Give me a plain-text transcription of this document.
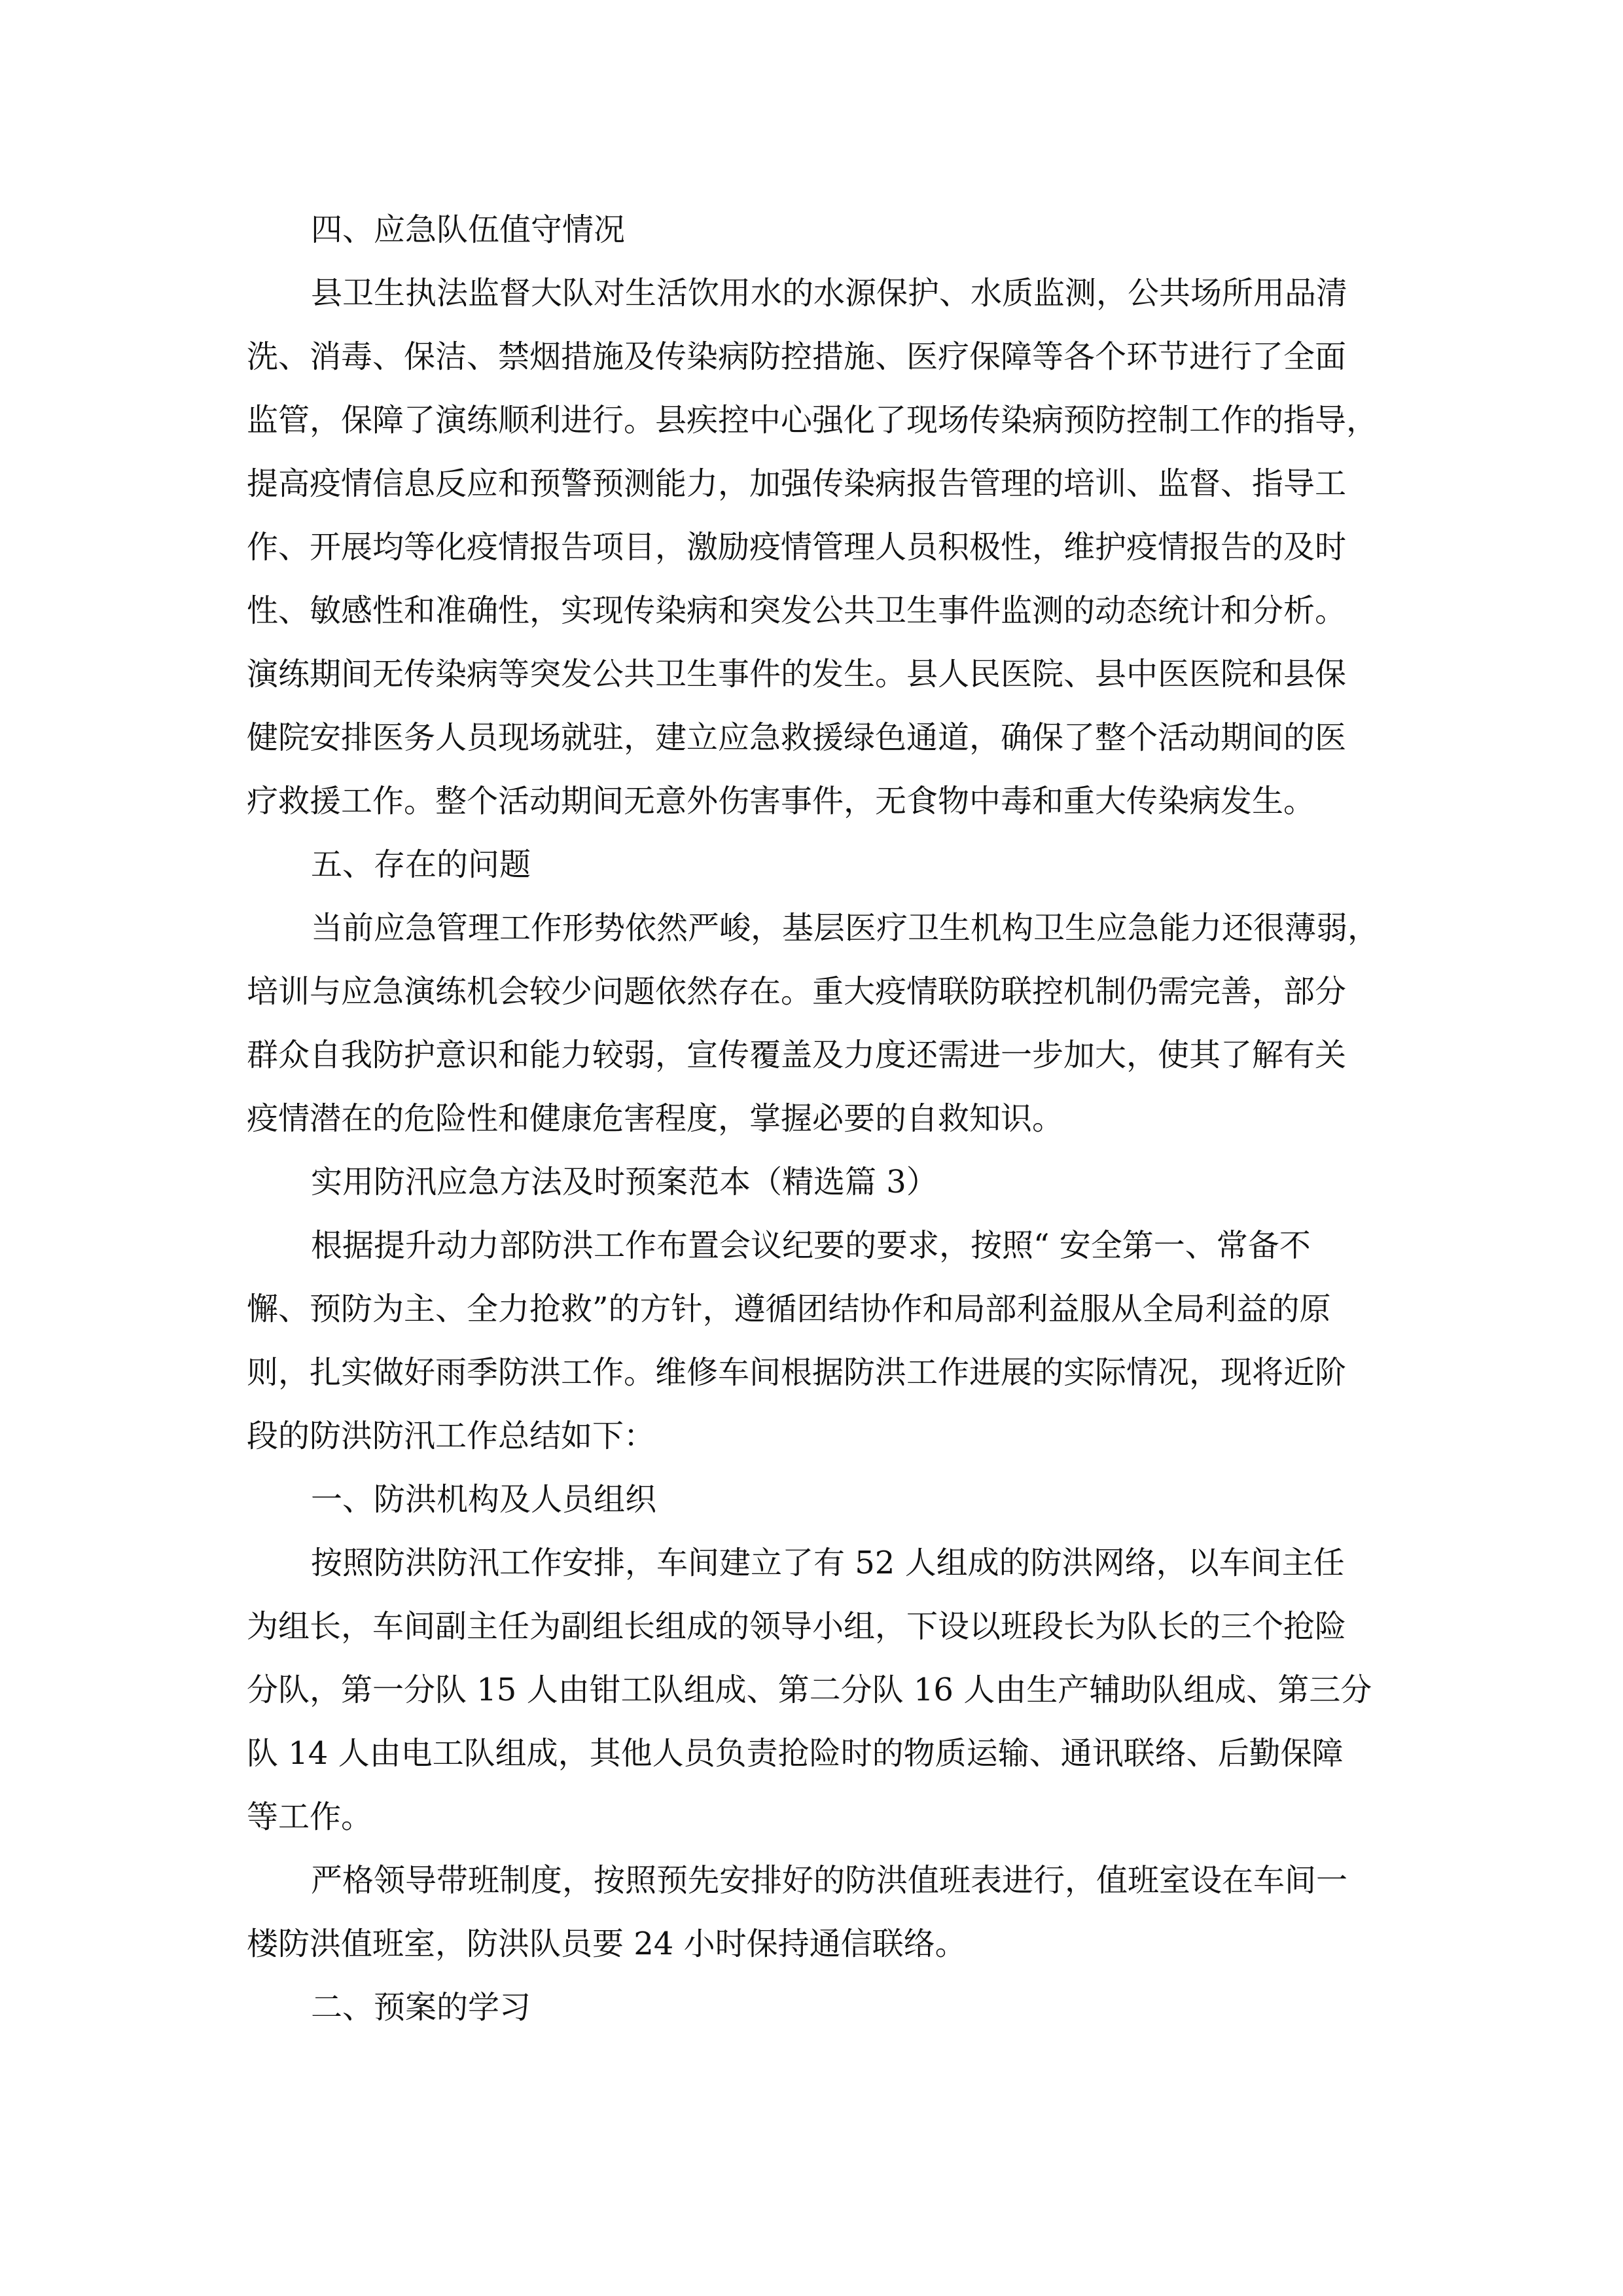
四、应急队伍值守情况
县卫生执法监督大队对生活饮用水的水源保护、水质监测，公共场所用品清
洗、消毒、保洁、禁烟措施及传染病防控措施、医疗保障等各个环节进行了全面
监管，保障了演练顺利进行。县疾控中心强化了现场传染病预防控制工作的指导，
提高疫情信息反应和预警预测能力，加强传染病报告管理的培训、监督、指导工
作、开展均等化疫情报告项目，激励疫情管理人员积极性，维护疫情报告的及时
性、敏感性和准确性，实现传染病和突发公共卫生事件监测的动态统计和分析。
演练期间无传染病等突发公共卫生事件的发生。县人民医院、县中医医院和县保
健院安排医务人员现场就驻，建立应急救援绿色通道，确保了整个活动期间的医
疗救援工作。整个活动期间无意外伤害事件，无食物中毒和重大传染病发生。
五、存在的问题
当前应急管理工作形势依然严峻，基层医疗卫生机构卫生应急能力还很薄弱，
培训与应急演练机会较少问题依然存在。重大疫情联防联控机制仍需完善，部分
群众自我防护意识和能力较弱，宣传覆盖及力度还需进一步加大，使其了解有关
疫情潜在的危险性和健康危害程度，掌握必要的自救知识。
实用防汛应急方法及时预案范本（精选篇 3）
根据提升动力部防洪工作布置会议纪要的要求，按照“ 安全第一、常备不
懈、预防为主、全力抢救”的方针，遵循团结协作和局部利益服从全局利益的原
则，扎实做好雨季防洪工作。维修车间根据防洪工作进展的实际情况，现将近阶
段的防洪防汛工作总结如下：
一、防洪机构及人员组织
按照防洪防汛工作安排，车间建立了有 52 人组成的防洪网络，以车间主任
为组长，车间副主任为副组长组成的领导小组，下设以班段长为队长的三个抢险
分队，第一分队 15 人由钳工队组成、第二分队 16 人由生产辅助队组成、第三分
队 14 人由电工队组成，其他人员负责抢险时的物质运输、通讯联络、后勤保障
等工作。
严格领导带班制度，按照预先安排好的防洪值班表进行，值班室设在车间一
楼防洪值班室，防洪队员要 24 小时保持通信联络。
二、预案的学习
